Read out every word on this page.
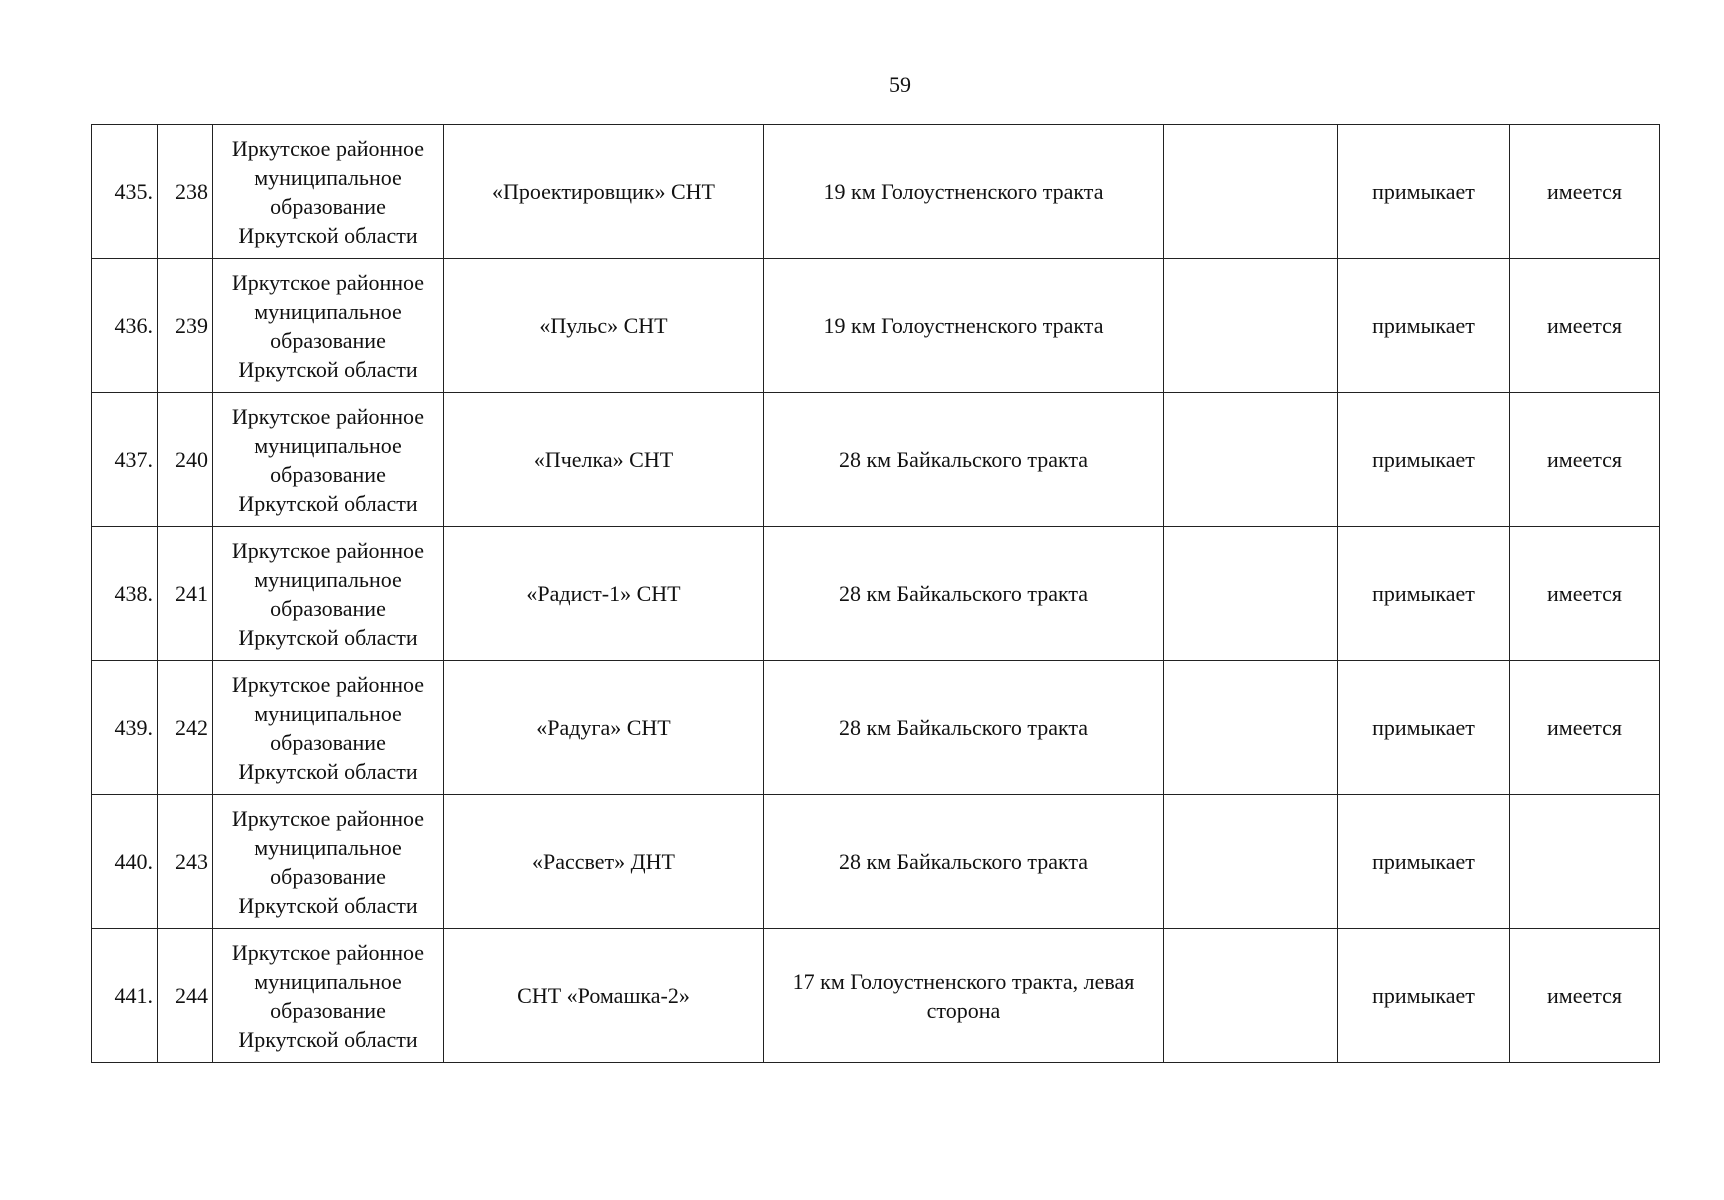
59
435.	238	Иркутское районное
муниципальное
образование
Иркутской области	«Проектировщик» СНТ	19 км Голоустненского тракта		примыкает	имеется
436.	239	Иркутское районное
муниципальное
образование
Иркутской области	«Пульс» СНТ	19 км Голоустненского тракта		примыкает	имеется
437.	240	Иркутское районное
муниципальное
образование
Иркутской области	«Пчелка» СНТ	28 км Байкальского тракта		примыкает	имеется
438.	241	Иркутское районное
муниципальное
образование
Иркутской области	«Радист-1» СНТ	28 км Байкальского тракта		примыкает	имеется
439.	242	Иркутское районное
муниципальное
образование
Иркутской области	«Радуга» СНТ	28 км Байкальского тракта		примыкает	имеется
440.	243	Иркутское районное
муниципальное
образование
Иркутской области	«Рассвет» ДНТ	28 км Байкальского тракта		примыкает	
441.	244	Иркутское районное
муниципальное
образование
Иркутской области	СНТ «Ромашка-2»	17 км Голоустненского тракта, левая сторона		примыкает	имеется
